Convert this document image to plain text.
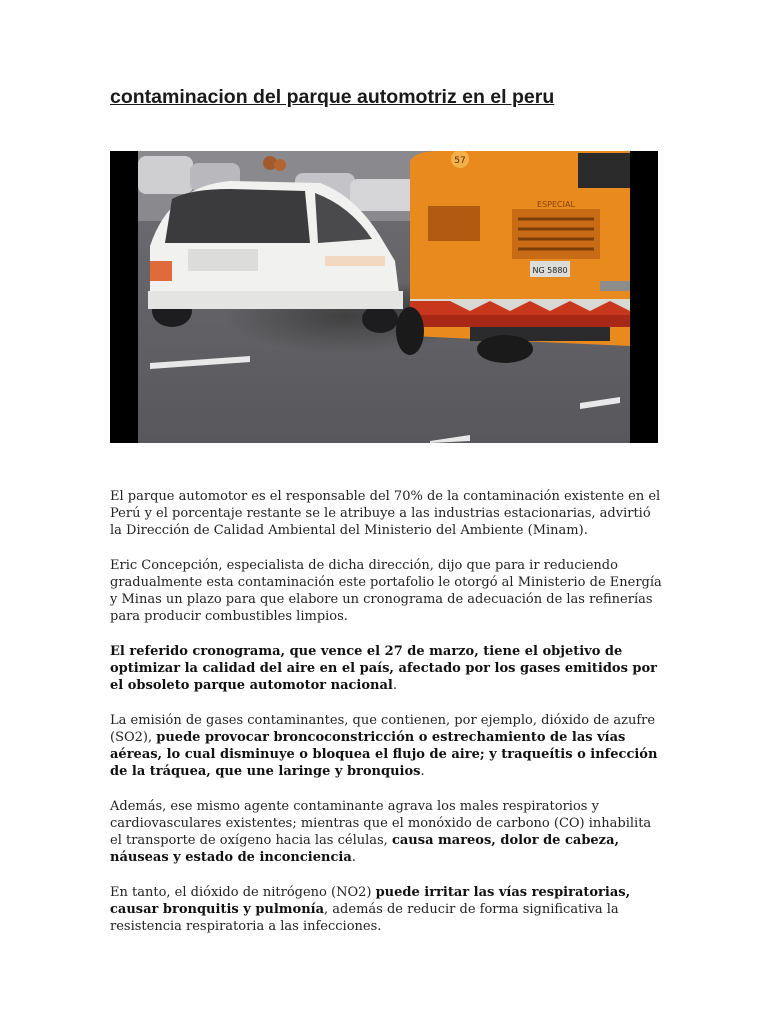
contaminacion del parque automotriz en el peru
57
ESPECIAL
NG 5880

El parque automotor es el responsable del 70% de la contaminación existente en el Perú y el porcentaje restante se le atribuye a las industrias estacionarias, advirtió la Dirección de Calidad Ambiental del Ministerio del Ambiente (Minam).

Eric Concepción, especialista de dicha dirección, dijo que para ir reduciendo gradualmente esta contaminación este portafolio le otorgó al Ministerio de Energía y Minas un plazo para que elabore un cronograma de adecuación de las refinerías para producir combustibles limpios.

El referido cronograma, que vence el 27 de marzo, tiene el objetivo de optimizar la calidad del aire en el país, afectado por los gases emitidos por el obsoleto parque automotor nacional.

La emisión de gases contaminantes, que contienen, por ejemplo, dióxido de azufre (SO2), puede provocar broncoconstricción o estrechamiento de las vías aéreas, lo cual disminuye o bloquea el flujo de aire; y traqueítis o infección de la tráquea, que une laringe y bronquios.

Además, ese mismo agente contaminante agrava los males respiratorios y cardiovasculares existentes; mientras que el monóxido de carbono (CO) inhabilita el transporte de oxígeno hacia las células, causa mareos, dolor de cabeza, náuseas y estado de inconciencia.

En tanto, el dióxido de nitrógeno (NO2) puede irritar las vías respiratorias, causar bronquitis y pulmonía, además de reducir de forma significativa la resistencia respiratoria a las infecciones.
